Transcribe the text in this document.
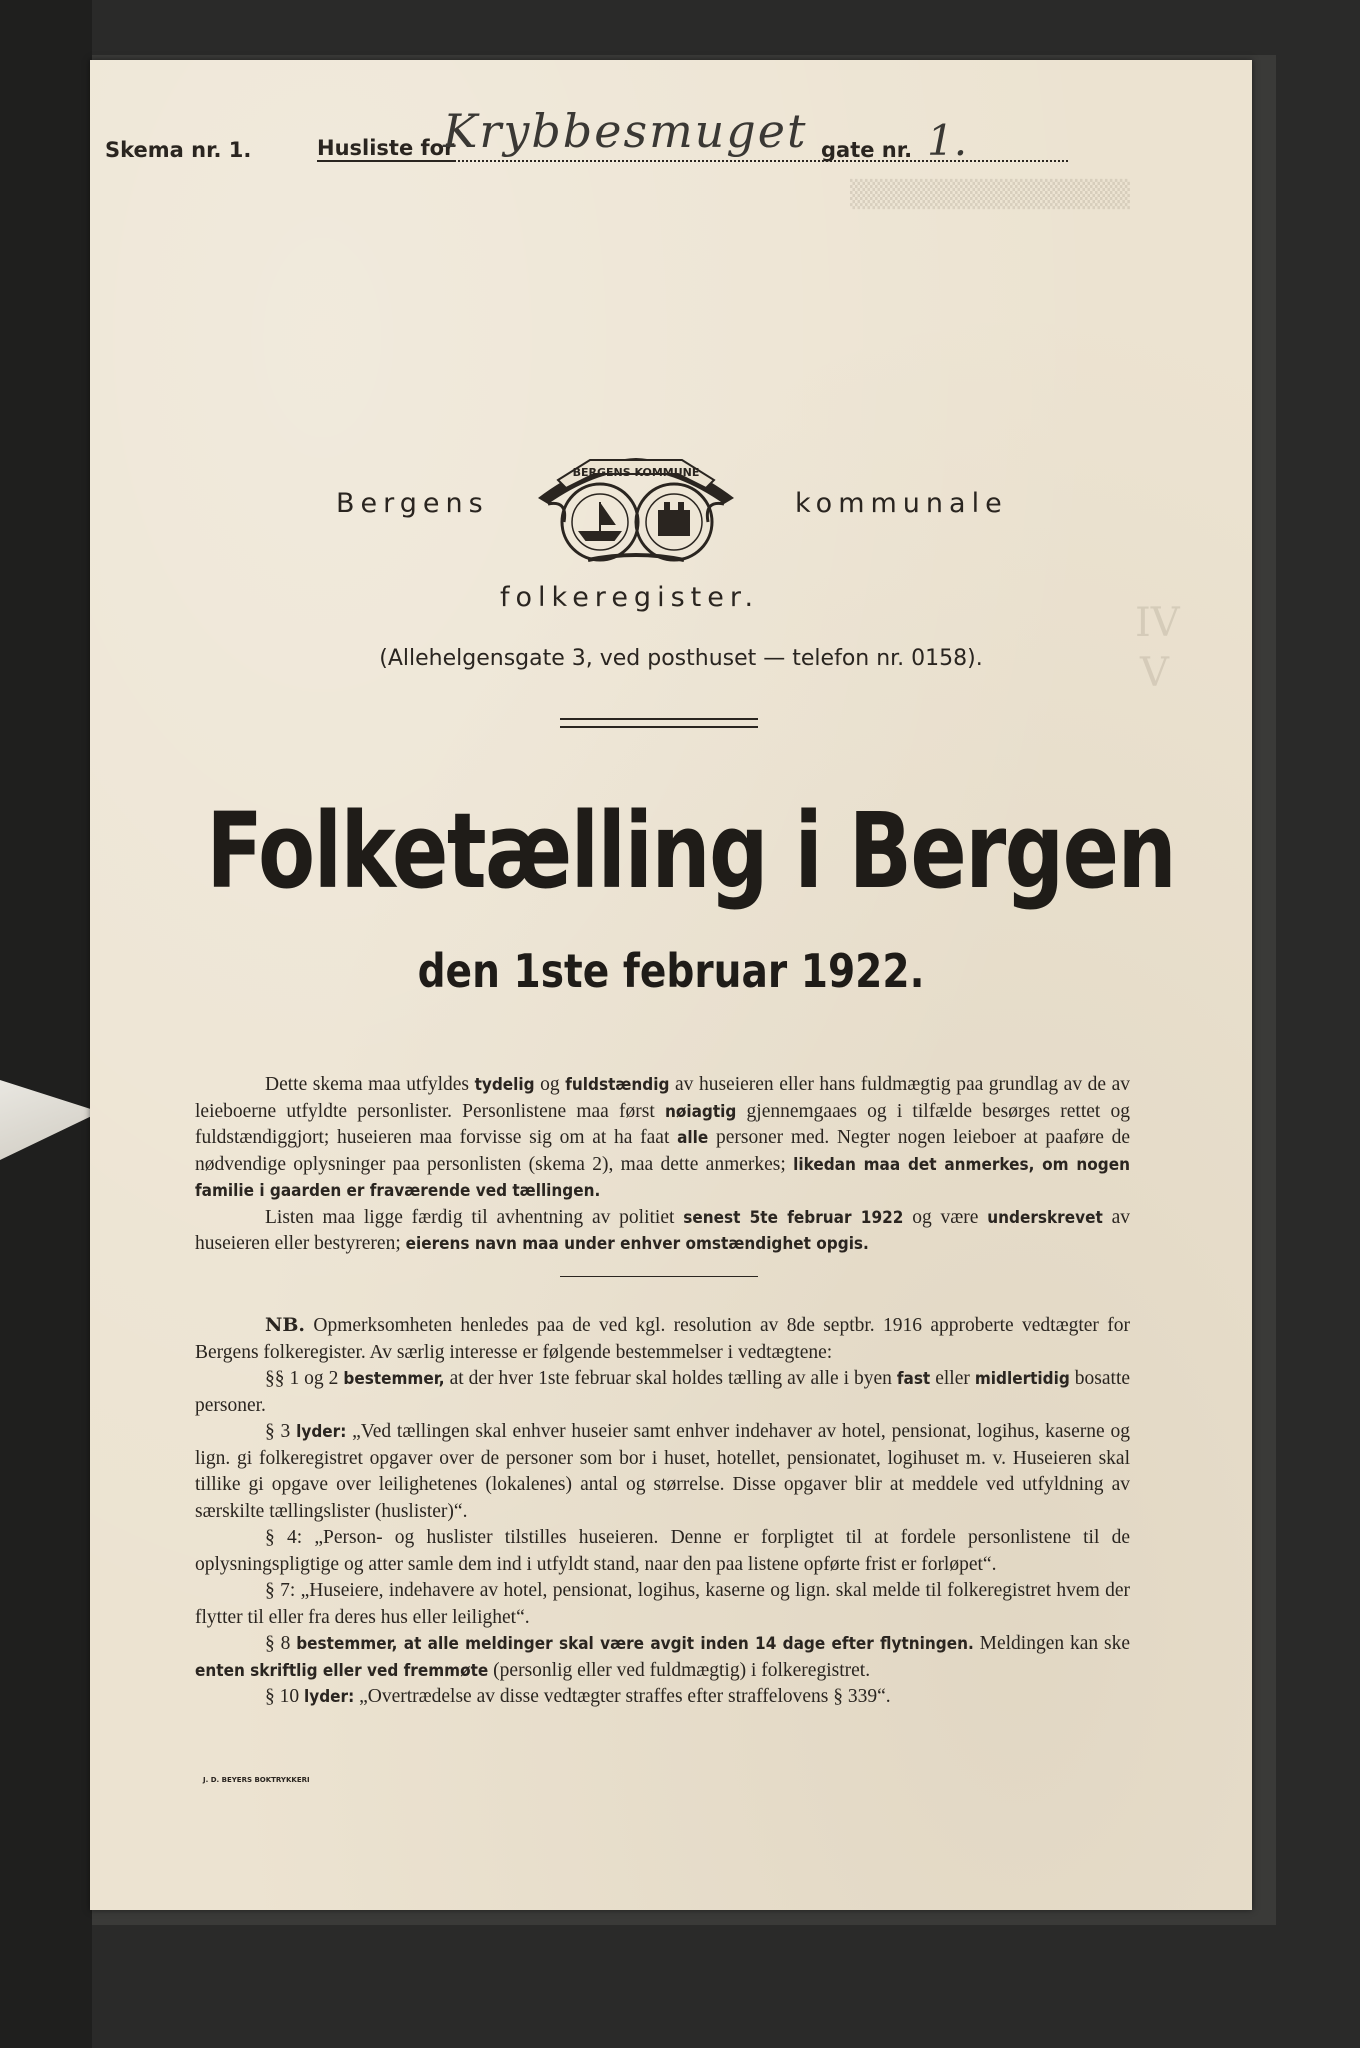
▒▒▒▒▒▒▒▒▒▒▒▒▒▒
IV
V
Skema nr. 1.	Husliste for
Krybbesmuget gate nr. 1.
Bergens	kommunale
BERGENS KOMMUNE
folkeregister.
(Allehelgensgate 3, ved posthuset — telefon nr. 0158).
Folketælling i Bergen
den 1ste februar 1922.

Dette skema maa utfyldes tydelig og fuldstændig av huseieren eller hans fuldmægtig paa grundlag av de av leieboerne utfyldte personlister. Personlistene maa først nøiagtig gjennemgaaes og i tilfælde besørges rettet og fuldstændiggjort; huseieren maa forvisse sig om at ha faat alle personer med. Negter nogen leieboer at paaføre de nødvendige oplysninger paa personlisten (skema 2), maa dette anmerkes; likedan maa det anmerkes, om nogen familie i gaarden er fraværende ved tællingen.

Listen maa ligge færdig til avhentning av politiet senest 5te februar 1922 og være underskrevet av huseieren eller bestyreren; eierens navn maa under enhver omstændighet opgis.

NB. Opmerksomheten henledes paa de ved kgl. resolution av 8de septbr. 1916 approberte vedtægter for Bergens folkeregister. Av særlig interesse er følgende bestemmelser i vedtægtene:

§§ 1 og 2 bestemmer, at der hver 1ste februar skal holdes tælling av alle i byen fast eller midlertidig bosatte personer.

§ 3 lyder: „Ved tællingen skal enhver huseier samt enhver indehaver av hotel, pensionat, logihus, kaserne og lign. gi folkeregistret opgaver over de personer som bor i huset, hotellet, pensionatet, logihuset m. v. Huseieren skal tillike gi opgave over leilighetenes (lokalenes) antal og størrelse. Disse opgaver blir at meddele ved utfyldning av særskilte tællingslister (huslister)“.

§ 4: „Person- og huslister tilstilles huseieren. Denne er forpligtet til at fordele personlistene til de oplysningspligtige og atter samle dem ind i utfyldt stand, naar den paa listene opførte frist er forløpet“.

§ 7: „Huseiere, indehavere av hotel, pensionat, logihus, kaserne og lign. skal melde til folkeregistret hvem der flytter til eller fra deres hus eller leilighet“.

§ 8 bestemmer, at alle meldinger skal være avgit inden 14 dage efter flytningen. Meldingen kan ske enten skriftlig eller ved fremmøte (personlig eller ved fuldmægtig) i folkeregistret.

§ 10 lyder: „Overtrædelse av disse vedtægter straffes efter straffelovens § 339“.

J. D. BEYERS BOKTRYKKERI
